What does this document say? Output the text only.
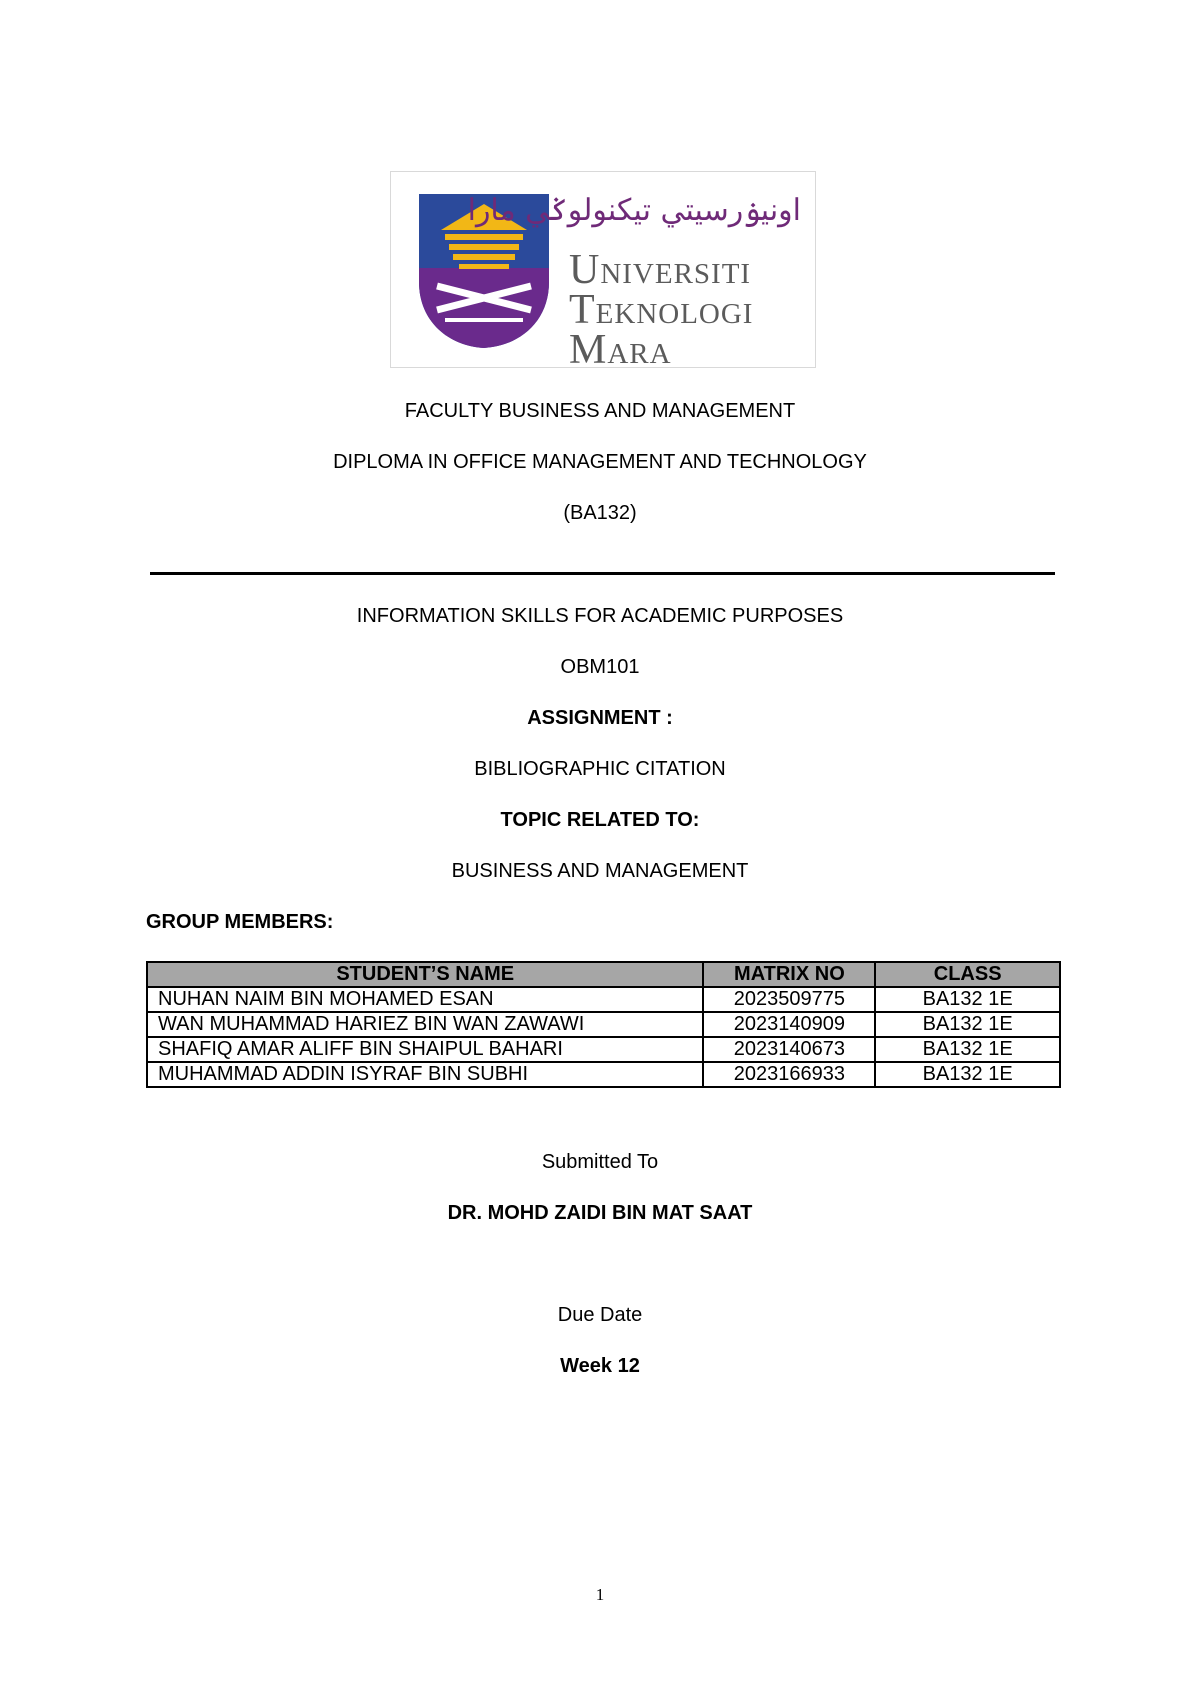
اونيۏرسيتي تيكنولوݢي مارا
Universiti
Teknologi
Mara
FACULTY BUSINESS AND MANAGEMENT
DIPLOMA IN OFFICE MANAGEMENT AND TECHNOLOGY
(BA132)
INFORMATION SKILLS FOR ACADEMIC PURPOSES
OBM101
ASSIGNMENT :
BIBLIOGRAPHIC CITATION
TOPIC RELATED TO:
BUSINESS AND MANAGEMENT
GROUP MEMBERS:
STUDENT’S NAME	MATRIX NO	CLASS
NUHAN NAIM BIN MOHAMED ESAN	2023509775	BA132 1E
WAN MUHAMMAD HARIEZ BIN WAN ZAWAWI	2023140909	BA132 1E
SHAFIQ AMAR ALIFF BIN SHAIPUL BAHARI	2023140673	BA132 1E
MUHAMMAD ADDIN ISYRAF BIN SUBHI	2023166933	BA132 1E
Submitted To
DR. MOHD ZAIDI BIN MAT SAAT
Due Date
Week 12
1
